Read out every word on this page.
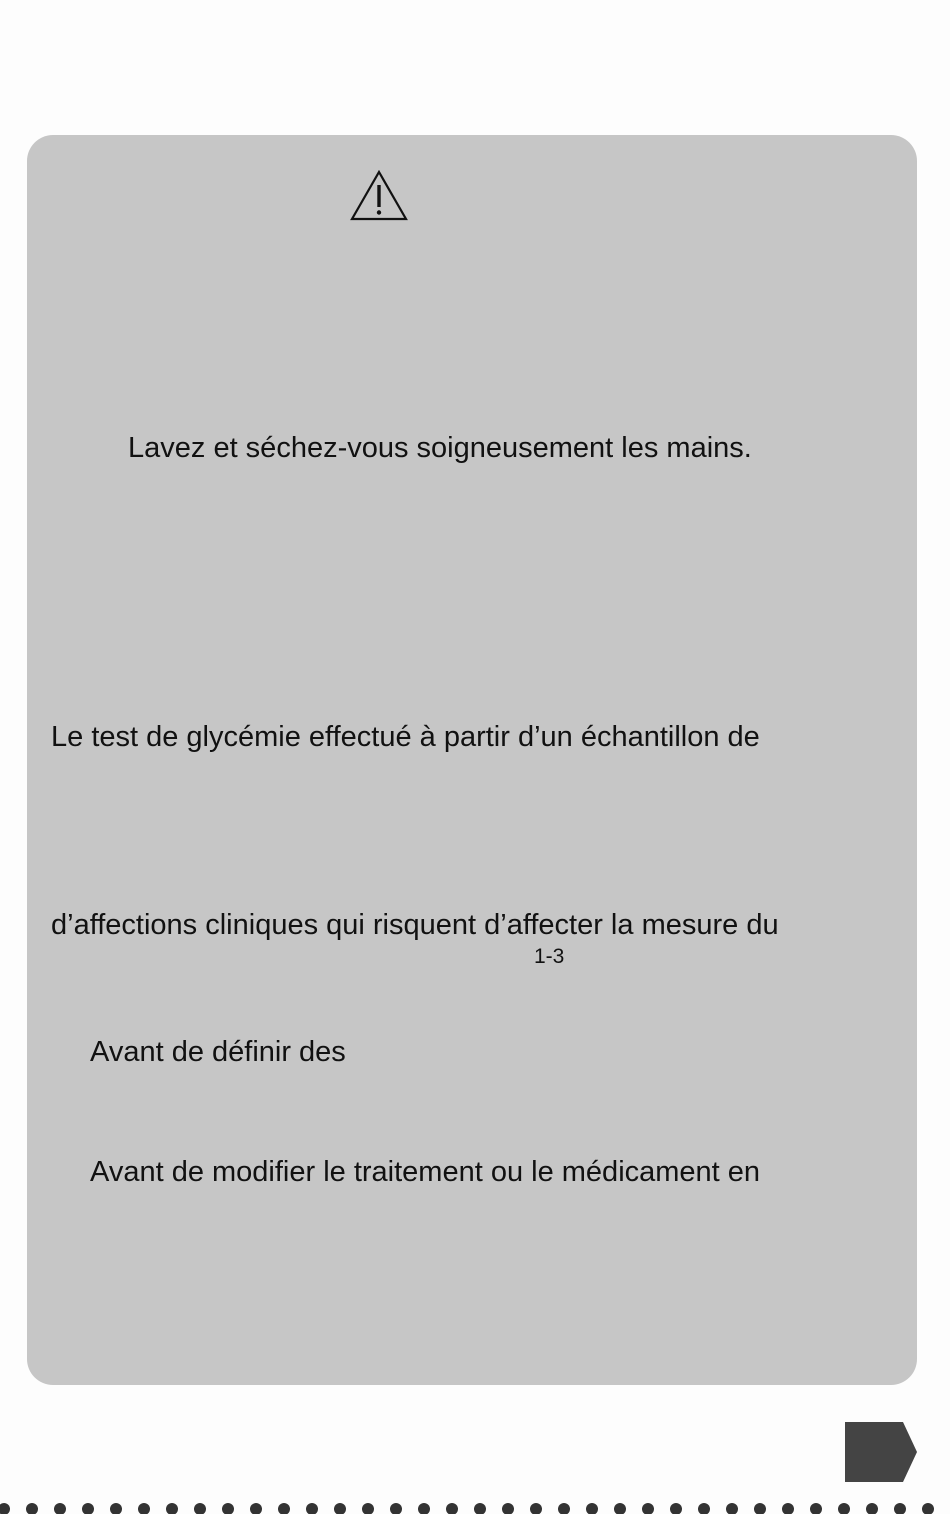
Lavez et séchez-vous soigneusement les mains.
Le test de glycémie effectué à partir d’un échantillon de
d’affections cliniques qui risquent d’affecter la mesure du
1-3
Avant de définir des
Avant de modifier le traitement ou le médicament en
